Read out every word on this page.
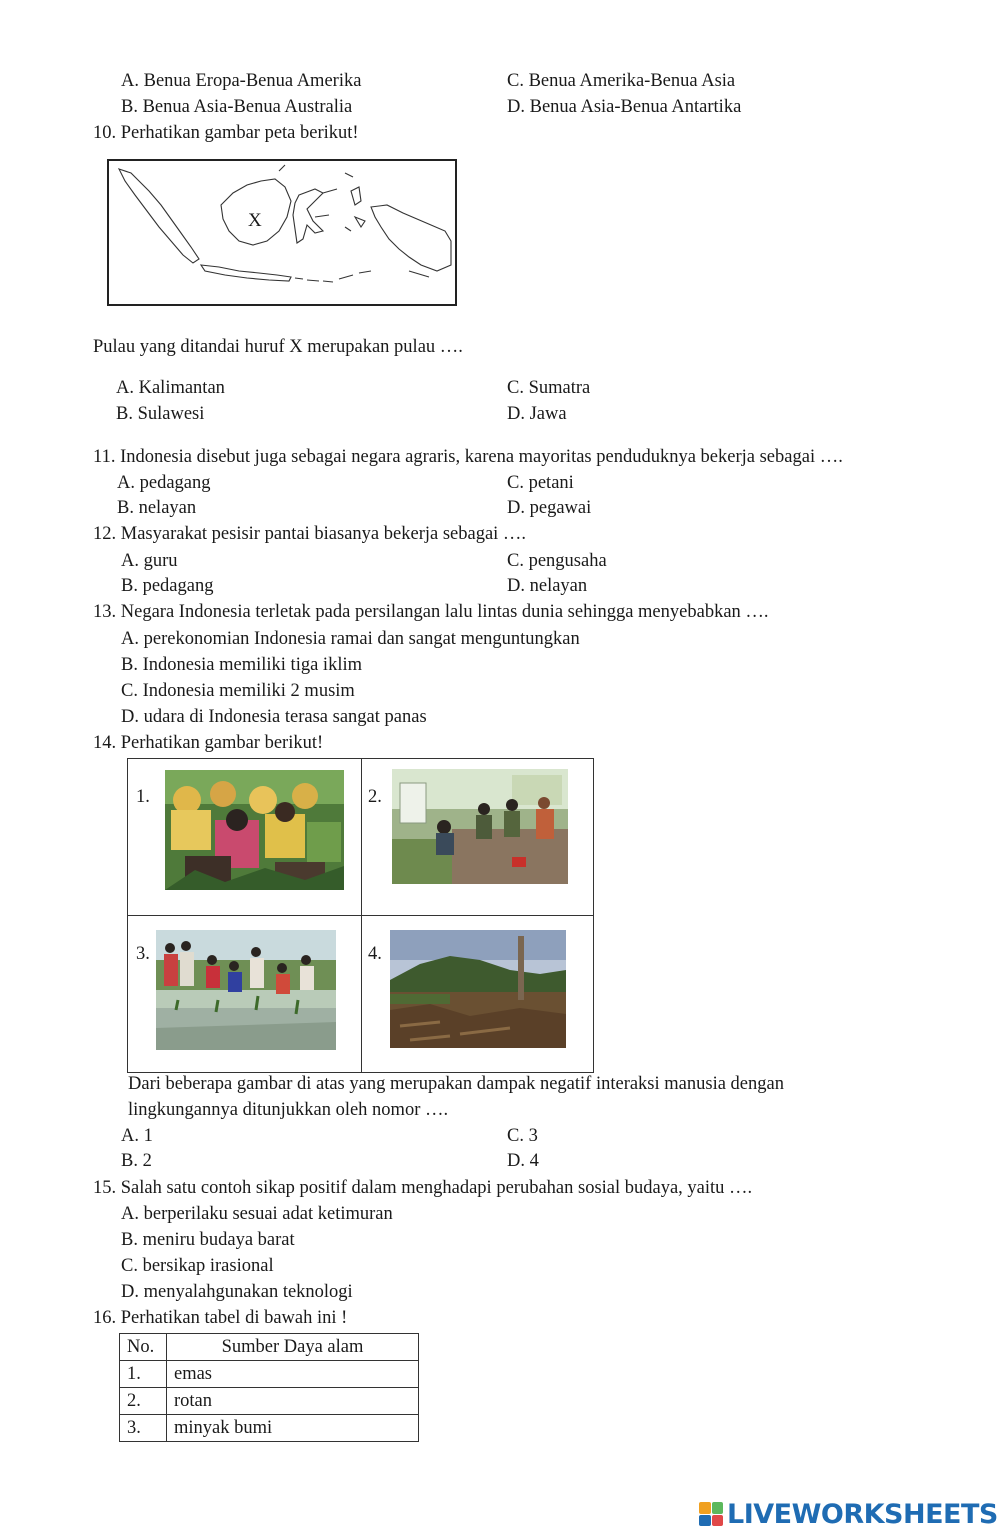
A. Benua Eropa-Benua Amerika	C. Benua Amerika-Benua Asia
B. Benua Asia-Benua Australia	D. Benua Asia-Benua Antartika
10. Perhatikan gambar peta berikut!
X
Pulau yang ditandai huruf X merupakan pulau ….
A. Kalimantan	C. Sumatra
B. Sulawesi	D. Jawa
11. Indonesia disebut juga sebagai negara agraris, karena mayoritas penduduknya bekerja sebagai ….
A. pedagang	C. petani
B. nelayan	D. pegawai
12. Masyarakat pesisir pantai biasanya bekerja sebagai ….
A. guru	C. pengusaha
B. pedagang	D. nelayan
13. Negara Indonesia terletak pada persilangan lalu lintas dunia sehingga menyebabkan ….
A. perekonomian Indonesia ramai dan sangat menguntungkan
B. Indonesia memiliki tiga iklim
C. Indonesia memiliki 2 musim
D. udara di Indonesia terasa sangat panas
14. Perhatikan gambar berikut!
1.	2.

3.	4.
Dari beberapa gambar di atas yang merupakan dampak negatif interaksi manusia dengan
lingkungannya ditunjukkan oleh nomor ….
A. 1	C. 3
B. 2	D. 4
15. Salah satu contoh sikap positif dalam menghadapi perubahan sosial budaya, yaitu ….
A. berperilaku sesuai adat ketimuran
B. meniru budaya barat
C. bersikap irasional
D. menyalahgunakan teknologi
16. Perhatikan tabel di bawah ini !
No.	Sumber Daya alam
1.	emas
2.	rotan
3.	minyak bumi
LIVEWORKSHEETS
